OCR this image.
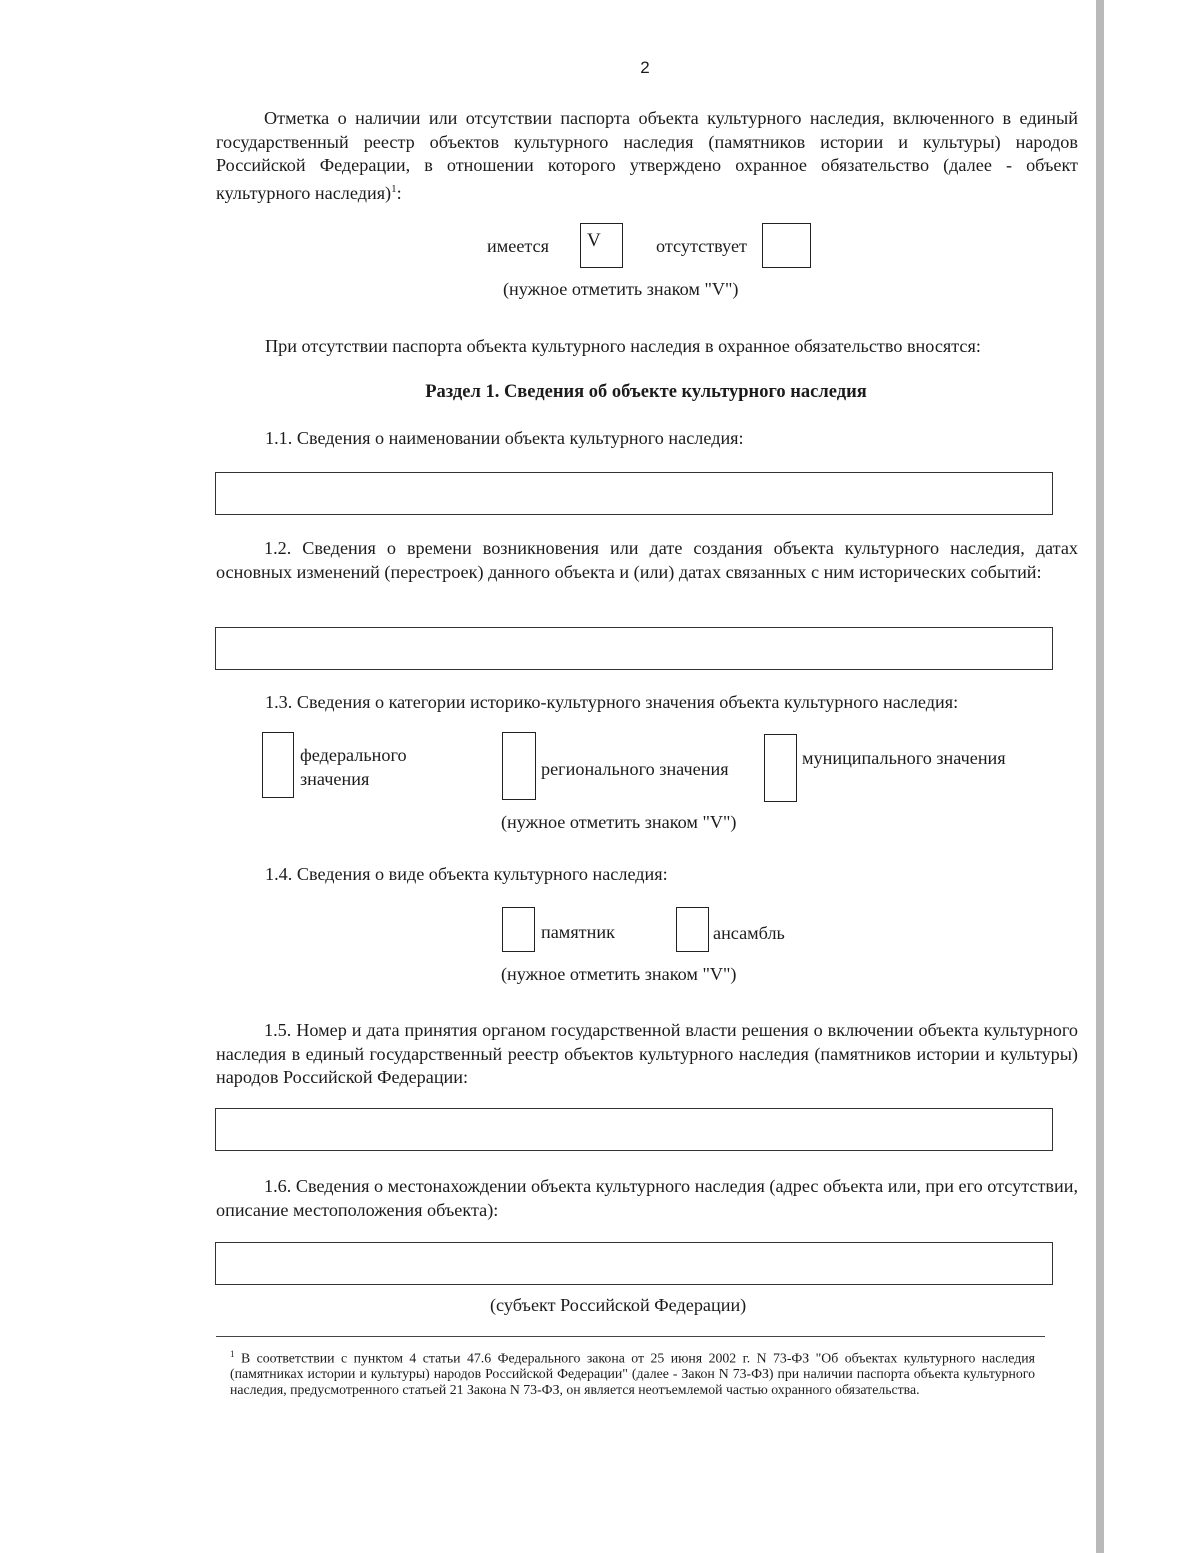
2
Отметка о наличии или отсутствии паспорта объекта культурного наследия, включенного в единый государственный реестр объектов культурного наследия (памятников истории и культуры) народов Российской Федерации, в отношении которого утверждено охранное обязательство (далее - объект культурного наследия)$^1$:
имеется	V	отсутствует
(нужное отметить знаком "V")
При отсутствии паспорта объекта культурного наследия в охранное обязательство вносятся:
Раздел 1. Сведения об объекте культурного наследия
1.1. Сведения о наименовании объекта культурного наследия:
1.2. Сведения о времени возникновения или дате создания объекта культурного наследия, датах основных изменений (перестроек) данного объекта и (или) датах связанных с ним исторических событий:
1.3. Сведения о категории историко-культурного значения объекта культурного наследия:
федерального
значения	регионального значения
муниципального значения
(нужное отметить знаком "V")
1.4. Сведения о виде объекта культурного наследия:
памятник	ансамбль
(нужное отметить знаком "V")
1.5. Номер и дата принятия органом государственной власти решения о включении объекта культурного наследия в единый государственный реестр объектов культурного наследия (памятников истории и культуры) народов Российской Федерации:
1.6. Сведения о местонахождении объекта культурного наследия (адрес объекта или, при его отсутствии, описание местоположения объекта):
(субъект Российской Федерации)
$^1$ В соответствии с пунктом 4 статьи 47.6 Федерального закона от 25 июня 2002 г. N 73-ФЗ "Об объектах культурного наследия (памятниках истории и культуры) народов Российской Федерации" (далее - Закон N 73-ФЗ) при наличии паспорта объекта культурного наследия, предусмотренного статьей 21 Закона N 73-ФЗ, он является неотъемлемой частью охранного обязательства.
